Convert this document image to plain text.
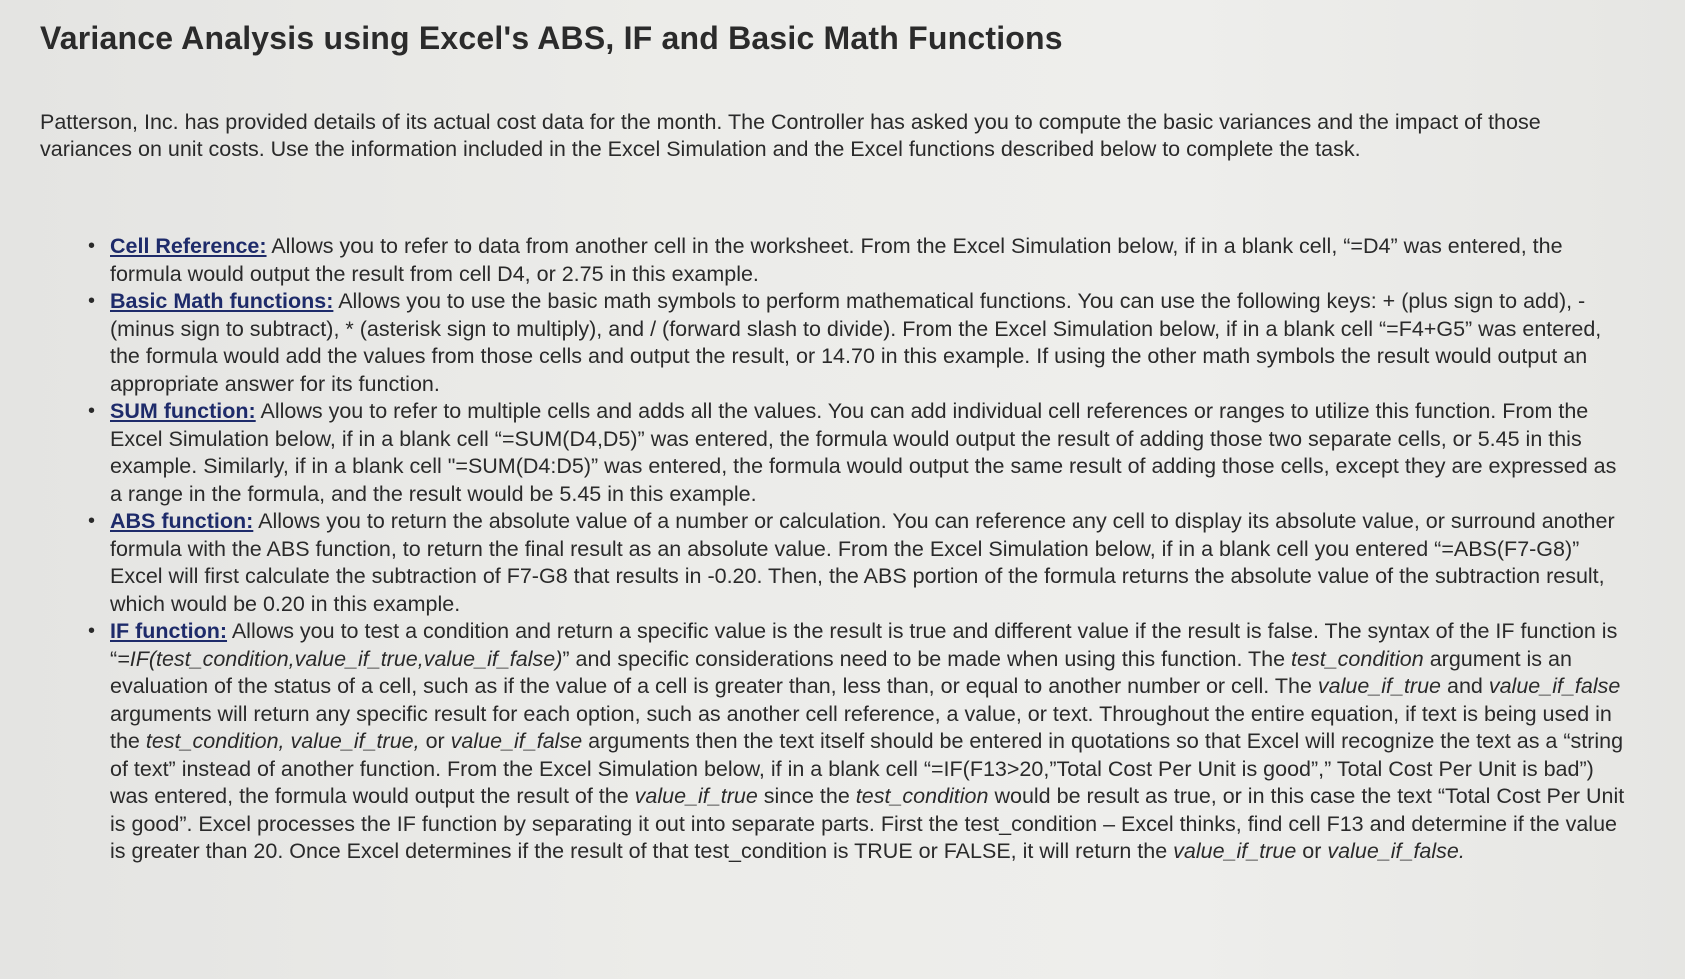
Variance Analysis using Excel's ABS, IF and Basic Math Functions

Patterson, Inc. has provided details of its actual cost data for the month. The Controller has asked you to compute the basic variances and the impact of those variances on unit costs. Use the information included in the Excel Simulation and the Excel functions described below to complete the task.

• Cell Reference: Allows you to refer to data from another cell in the worksheet. From the Excel Simulation below, if in a blank cell, “=D4” was entered, the formula would output the result from cell D4, or 2.75 in this example.
• Basic Math functions: Allows you to use the basic math symbols to perform mathematical functions. You can use the following keys: + (plus sign to add), - (minus sign to subtract), * (asterisk sign to multiply), and / (forward slash to divide). From the Excel Simulation below, if in a blank cell “=F4+G5” was entered, the formula would add the values from those cells and output the result, or 14.70 in this example. If using the other math symbols the result would output an appropriate answer for its function.
• SUM function: Allows you to refer to multiple cells and adds all the values. You can add individual cell references or ranges to utilize this function. From the Excel Simulation below, if in a blank cell “=SUM(D4,D5)” was entered, the formula would output the result of adding those two separate cells, or 5.45 in this example. Similarly, if in a blank cell "=SUM(D4:D5)” was entered, the formula would output the same result of adding those cells, except they are expressed as a range in the formula, and the result would be 5.45 in this example.
• ABS function: Allows you to return the absolute value of a number or calculation. You can reference any cell to display its absolute value, or surround another formula with the ABS function, to return the final result as an absolute value. From the Excel Simulation below, if in a blank cell you entered “=ABS(F7-G8)” Excel will first calculate the subtraction of F7-G8 that results in -0.20. Then, the ABS portion of the formula returns the absolute value of the subtraction result, which would be 0.20 in this example.
• IF function: Allows you to test a condition and return a specific value is the result is true and different value if the result is false. The syntax of the IF function is “=IF(test_condition,value_if_true,value_if_false)” and specific considerations need to be made when using this function. The test_condition argument is an evaluation of the status of a cell, such as if the value of a cell is greater than, less than, or equal to another number or cell. The value_if_true and value_if_false arguments will return any specific result for each option, such as another cell reference, a value, or text. Throughout the entire equation, if text is being used in the test_condition, value_if_true, or value_if_false arguments then the text itself should be entered in quotations so that Excel will recognize the text as a “string of text” instead of another function. From the Excel Simulation below, if in a blank cell “=IF(F13>20,”Total Cost Per Unit is good”,” Total Cost Per Unit is bad”) was entered, the formula would output the result of the value_if_true since the test_condition would be result as true, or in this case the text “Total Cost Per Unit is good”. Excel processes the IF function by separating it out into separate parts. First the test_condition – Excel thinks, find cell F13 and determine if the value is greater than 20. Once Excel determines if the result of that test_condition is TRUE or FALSE, it will return the value_if_true or value_if_false.
